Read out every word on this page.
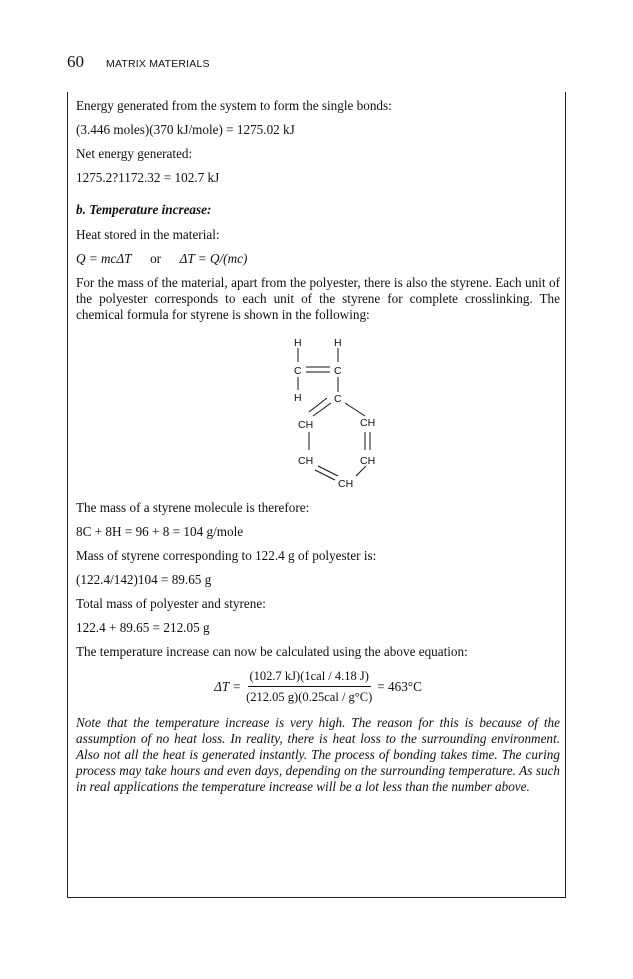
60 MATRIX MATERIALS

Energy generated from the system to form the single bonds:

(3.446 moles)(370 kJ/mole) = 1275.02 kJ

Net energy generated:

1275.2?1172.32 = 102.7 kJ

b. Temperature increase:

Heat stored in the material:

Q = mcΔT or ΔT = Q/(mc)

For the mass of the material, apart from the polyester, there is also the styrene. Each unit of the polyester corresponds to each unit of the styrene for complete crosslinking. The chemical formula for styrene is shown in the following:

H	H
C	C
H	C
CH	CH
CH	CH
CH

The mass of a styrene molecule is therefore:

8C + 8H = 96 + 8 = 104 g/mole

Mass of styrene corresponding to 122.4 g of polyester is:

(122.4/142)104 = 89.65 g

Total mass of polyester and styrene:

122.4 + 89.65 = 212.05 g

The temperature increase can now be calculated using the above equation:

$\Delta T = \frac{\text{(102.7 kJ)(1cal / 4.18 J)}}{\text{(212.05 g)(0.25cal / g°C)}} = 463^\circ C$

Note that the temperature increase is very high. The reason for this is because of the assumption of no heat loss. In reality, there is heat loss to the surrounding environment. Also not all the heat is generated instantly. The process of bonding takes time. The curing process may take hours and even days, depending on the surrounding temperature. As such in real applications the temperature increase will be a lot less than the number above.
